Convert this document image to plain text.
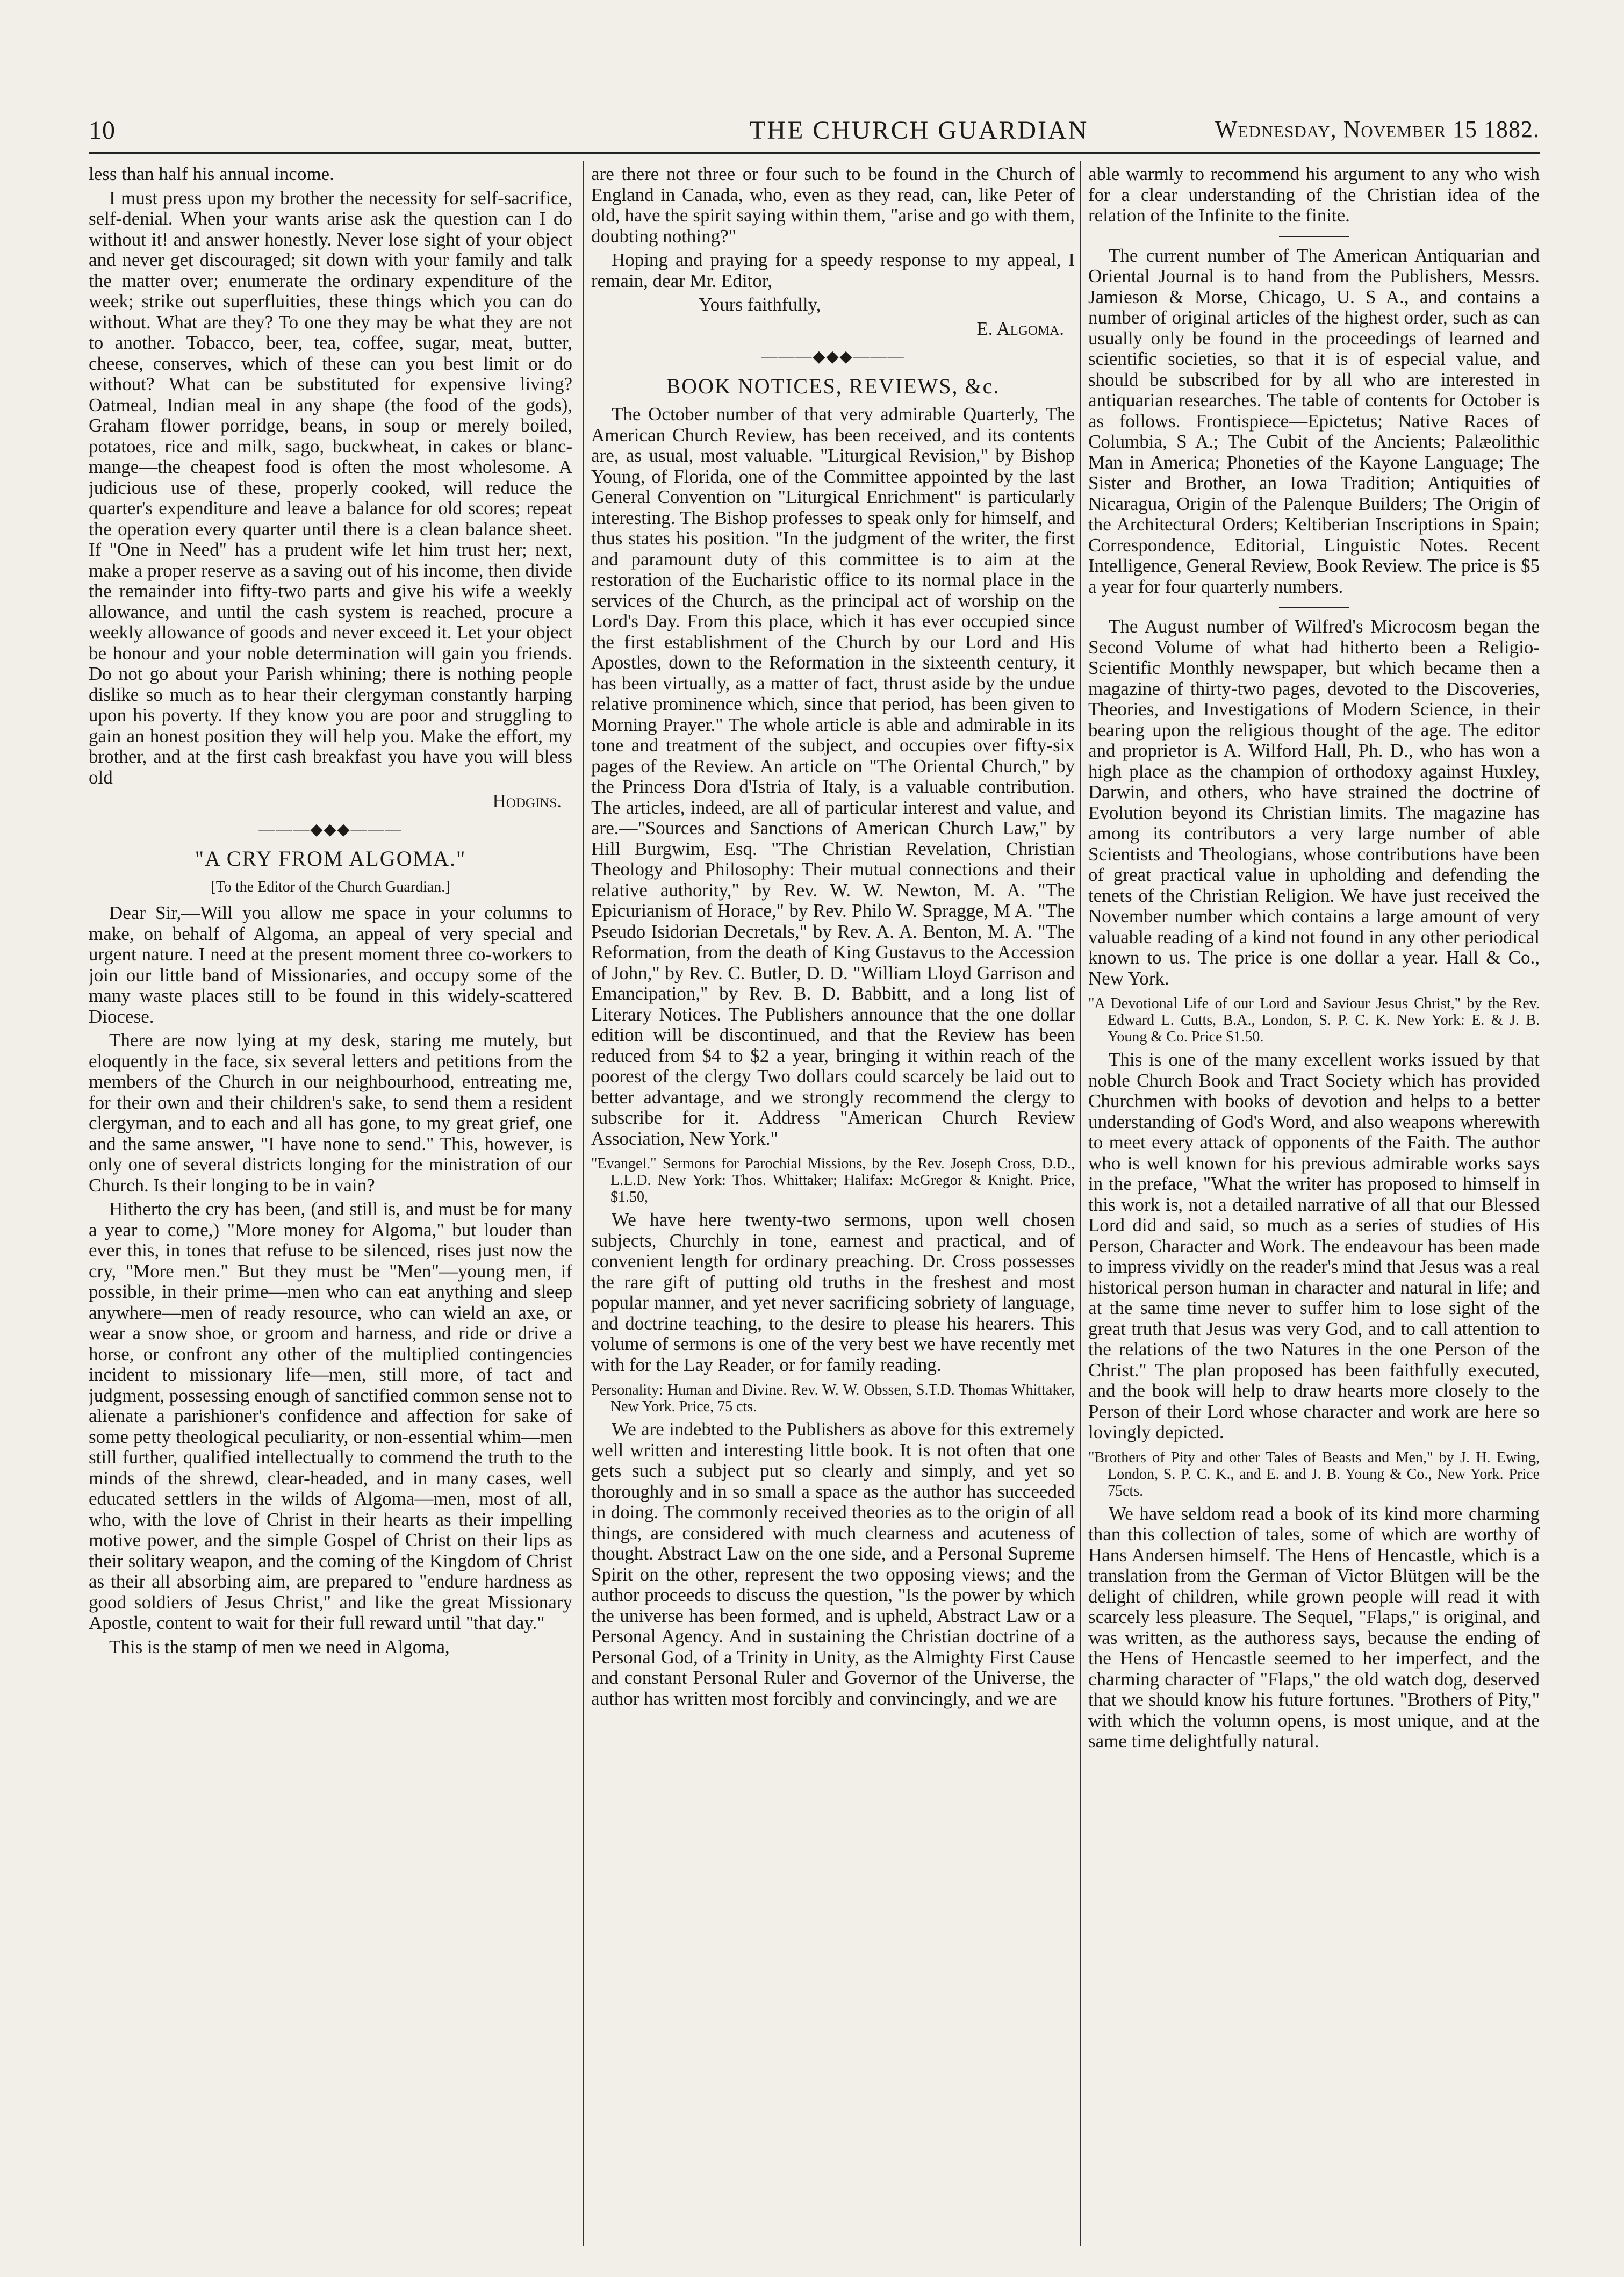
10	THE CHURCH GUARDIAN	Wednesday, November 15 1882.

less than half his annual income.

I must press upon my brother the necessity for self-sacrifice, self-denial. When your wants arise ask the question can I do without it! and answer honestly. Never lose sight of your object and never get discouraged; sit down with your family and talk the matter over; enumerate the ordinary expenditure of the week; strike out superfluities, these things which you can do without. What are they? To one they may be what they are not to another. Tobacco, beer, tea, coffee, sugar, meat, butter, cheese, conserves, which of these can you best limit or do without? What can be substituted for expensive living? Oatmeal, Indian meal in any shape (the food of the gods), Graham flower porridge, beans, in soup or merely boiled, potatoes, rice and milk, sago, buckwheat, in cakes or blanc-mange—the cheapest food is often the most wholesome. A judicious use of these, properly cooked, will reduce the quarter's expenditure and leave a balance for old scores; repeat the operation every quarter until there is a clean balance sheet. If "One in Need" has a prudent wife let him trust her; next, make a proper reserve as a saving out of his income, then divide the remainder into fifty-two parts and give his wife a weekly allowance, and until the cash system is reached, procure a weekly allowance of goods and never exceed it. Let your object be honour and your noble determination will gain you friends. Do not go about your Parish whining; there is nothing people dislike so much as to hear their clergyman constantly harping upon his poverty. If they know you are poor and struggling to gain an honest position they will help you. Make the effort, my brother, and at the first cash breakfast you have you will bless old

Hodgins.

———◆◆◆———
"A CRY FROM ALGOMA."

[To the Editor of the Church Guardian.]

Dear Sir,—Will you allow me space in your columns to make, on behalf of Algoma, an appeal of very special and urgent nature. I need at the present moment three co-workers to join our little band of Missionaries, and occupy some of the many waste places still to be found in this widely-scattered Diocese.

There are now lying at my desk, staring me mutely, but eloquently in the face, six several letters and petitions from the members of the Church in our neighbourhood, entreating me, for their own and their children's sake, to send them a resident clergyman, and to each and all has gone, to my great grief, one and the same answer, "I have none to send." This, however, is only one of several districts longing for the ministration of our Church. Is their longing to be in vain?

Hitherto the cry has been, (and still is, and must be for many a year to come,) "More money for Algoma," but louder than ever this, in tones that refuse to be silenced, rises just now the cry, "More men." But they must be "Men"—young men, if possible, in their prime—men who can eat anything and sleep anywhere—men of ready resource, who can wield an axe, or wear a snow shoe, or groom and harness, and ride or drive a horse, or confront any other of the multiplied contingencies incident to missionary life—men, still more, of tact and judgment, possessing enough of sanctified common sense not to alienate a parishioner's confidence and affection for sake of some petty theological peculiarity, or non-essential whim—men still further, qualified intellectually to commend the truth to the minds of the shrewd, clear-headed, and in many cases, well educated settlers in the wilds of Algoma—men, most of all, who, with the love of Christ in their hearts as their impelling motive power, and the simple Gospel of Christ on their lips as their solitary weapon, and the coming of the Kingdom of Christ as their all absorbing aim, are prepared to "endure hardness as good soldiers of Jesus Christ," and like the great Missionary Apostle, content to wait for their full reward until "that day."

This is the stamp of men we need in Algoma,

are there not three or four such to be found in the Church of England in Canada, who, even as they read, can, like Peter of old, have the spirit saying within them, "arise and go with them, doubting nothing?"

Hoping and praying for a speedy response to my appeal, I remain, dear Mr. Editor,

Yours faithfully,

E. Algoma.

———◆◆◆———
BOOK NOTICES, REVIEWS, &c.

The October number of that very admirable Quarterly, The American Church Review, has been received, and its contents are, as usual, most valuable. "Liturgical Revision," by Bishop Young, of Florida, one of the Committee appointed by the last General Convention on "Liturgical Enrichment" is particularly interesting. The Bishop professes to speak only for himself, and thus states his position. "In the judgment of the writer, the first and paramount duty of this committee is to aim at the restoration of the Eucharistic office to its normal place in the services of the Church, as the principal act of worship on the Lord's Day. From this place, which it has ever occupied since the first establishment of the Church by our Lord and His Apostles, down to the Reformation in the sixteenth century, it has been virtually, as a matter of fact, thrust aside by the undue relative prominence which, since that period, has been given to Morning Prayer." The whole article is able and admirable in its tone and treatment of the subject, and occupies over fifty-six pages of the Review. An article on "The Oriental Church," by the Princess Dora d'Istria of Italy, is a valuable contribution. The articles, indeed, are all of particular interest and value, and are.—"Sources and Sanctions of American Church Law," by Hill Burgwim, Esq. "The Christian Revelation, Christian Theology and Philosophy: Their mutual connections and their relative authority," by Rev. W. W. Newton, M. A. "The Epicurianism of Horace," by Rev. Philo W. Spragge, M A. "The Pseudo Isidorian Decretals," by Rev. A. A. Benton, M. A. "The Reformation, from the death of King Gustavus to the Accession of John," by Rev. C. Butler, D. D. "William Lloyd Garrison and Emancipation," by Rev. B. D. Babbitt, and a long list of Literary Notices. The Publishers announce that the one dollar edition will be discontinued, and that the Review has been reduced from $4 to $2 a year, bringing it within reach of the poorest of the clergy Two dollars could scarcely be laid out to better advantage, and we strongly recommend the clergy to subscribe for it. Address "American Church Review Association, New York."

"Evangel." Sermons for Parochial Missions, by the Rev. Joseph Cross, D.D., L.L.D. New York: Thos. Whittaker; Halifax: McGregor & Knight. Price, $1.50,

We have here twenty-two sermons, upon well chosen subjects, Churchly in tone, earnest and practical, and of convenient length for ordinary preaching. Dr. Cross possesses the rare gift of putting old truths in the freshest and most popular manner, and yet never sacrificing sobriety of language, and doctrine teaching, to the desire to please his hearers. This volume of sermons is one of the very best we have recently met with for the Lay Reader, or for family reading.

Personality: Human and Divine. Rev. W. W. Obssen, S.T.D. Thomas Whittaker, New York. Price, 75 cts.

We are indebted to the Publishers as above for this extremely well written and interesting little book. It is not often that one gets such a subject put so clearly and simply, and yet so thoroughly and in so small a space as the author has succeeded in doing. The commonly received theories as to the origin of all things, are considered with much clearness and acuteness of thought. Abstract Law on the one side, and a Personal Supreme Spirit on the other, represent the two opposing views; and the author proceeds to discuss the question, "Is the power by which the universe has been formed, and is upheld, Abstract Law or a Personal Agency. And in sustaining the Christian doctrine of a Personal God, of a Trinity in Unity, as the Almighty First Cause and constant Personal Ruler and Governor of the Universe, the author has written most forcibly and convincingly, and we are

able warmly to recommend his argument to any who wish for a clear understanding of the Christian idea of the relation of the Infinite to the finite.

The current number of The American Antiquarian and Oriental Journal is to hand from the Publishers, Messrs. Jamieson & Morse, Chicago, U. S A., and contains a number of original articles of the highest order, such as can usually only be found in the proceedings of learned and scientific societies, so that it is of especial value, and should be subscribed for by all who are interested in antiquarian researches. The table of contents for October is as follows. Frontispiece—Epictetus; Native Races of Columbia, S A.; The Cubit of the Ancients; Palæolithic Man in America; Phoneties of the Kayone Language; The Sister and Brother, an Iowa Tradition; Antiquities of Nicaragua, Origin of the Palenque Builders; The Origin of the Architectural Orders; Keltiberian Inscriptions in Spain; Correspondence, Editorial, Linguistic Notes. Recent Intelligence, General Review, Book Review. The price is $5 a year for four quarterly numbers.

The August number of Wilfred's Microcosm began the Second Volume of what had hitherto been a Religio-Scientific Monthly newspaper, but which became then a magazine of thirty-two pages, devoted to the Discoveries, Theories, and Investigations of Modern Science, in their bearing upon the religious thought of the age. The editor and proprietor is A. Wilford Hall, Ph. D., who has won a high place as the champion of orthodoxy against Huxley, Darwin, and others, who have strained the doctrine of Evolution beyond its Christian limits. The magazine has among its contributors a very large number of able Scientists and Theologians, whose contributions have been of great practical value in upholding and defending the tenets of the Christian Religion. We have just received the November number which contains a large amount of very valuable reading of a kind not found in any other periodical known to us. The price is one dollar a year. Hall & Co., New York.

"A Devotional Life of our Lord and Saviour Jesus Christ," by the Rev. Edward L. Cutts, B.A., London, S. P. C. K. New York: E. & J. B. Young & Co. Price $1.50.

This is one of the many excellent works issued by that noble Church Book and Tract Society which has provided Churchmen with books of devotion and helps to a better understanding of God's Word, and also weapons wherewith to meet every attack of opponents of the Faith. The author who is well known for his previous admirable works says in the preface, "What the writer has proposed to himself in this work is, not a detailed narrative of all that our Blessed Lord did and said, so much as a series of studies of His Person, Character and Work. The endeavour has been made to impress vividly on the reader's mind that Jesus was a real historical person human in character and natural in life; and at the same time never to suffer him to lose sight of the great truth that Jesus was very God, and to call attention to the relations of the two Natures in the one Person of the Christ." The plan proposed has been faithfully executed, and the book will help to draw hearts more closely to the Person of their Lord whose character and work are here so lovingly depicted.

"Brothers of Pity and other Tales of Beasts and Men," by J. H. Ewing, London, S. P. C. K., and E. and J. B. Young & Co., New York. Price 75cts.

We have seldom read a book of its kind more charming than this collection of tales, some of which are worthy of Hans Andersen himself. The Hens of Hencastle, which is a translation from the German of Victor Blütgen will be the delight of children, while grown people will read it with scarcely less pleasure. The Sequel, "Flaps," is original, and was written, as the authoress says, because the ending of the Hens of Hencastle seemed to her imperfect, and the charming character of "Flaps," the old watch dog, deserved that we should know his future fortunes. "Brothers of Pity," with which the volumn opens, is most unique, and at the same time delightfully natural.
